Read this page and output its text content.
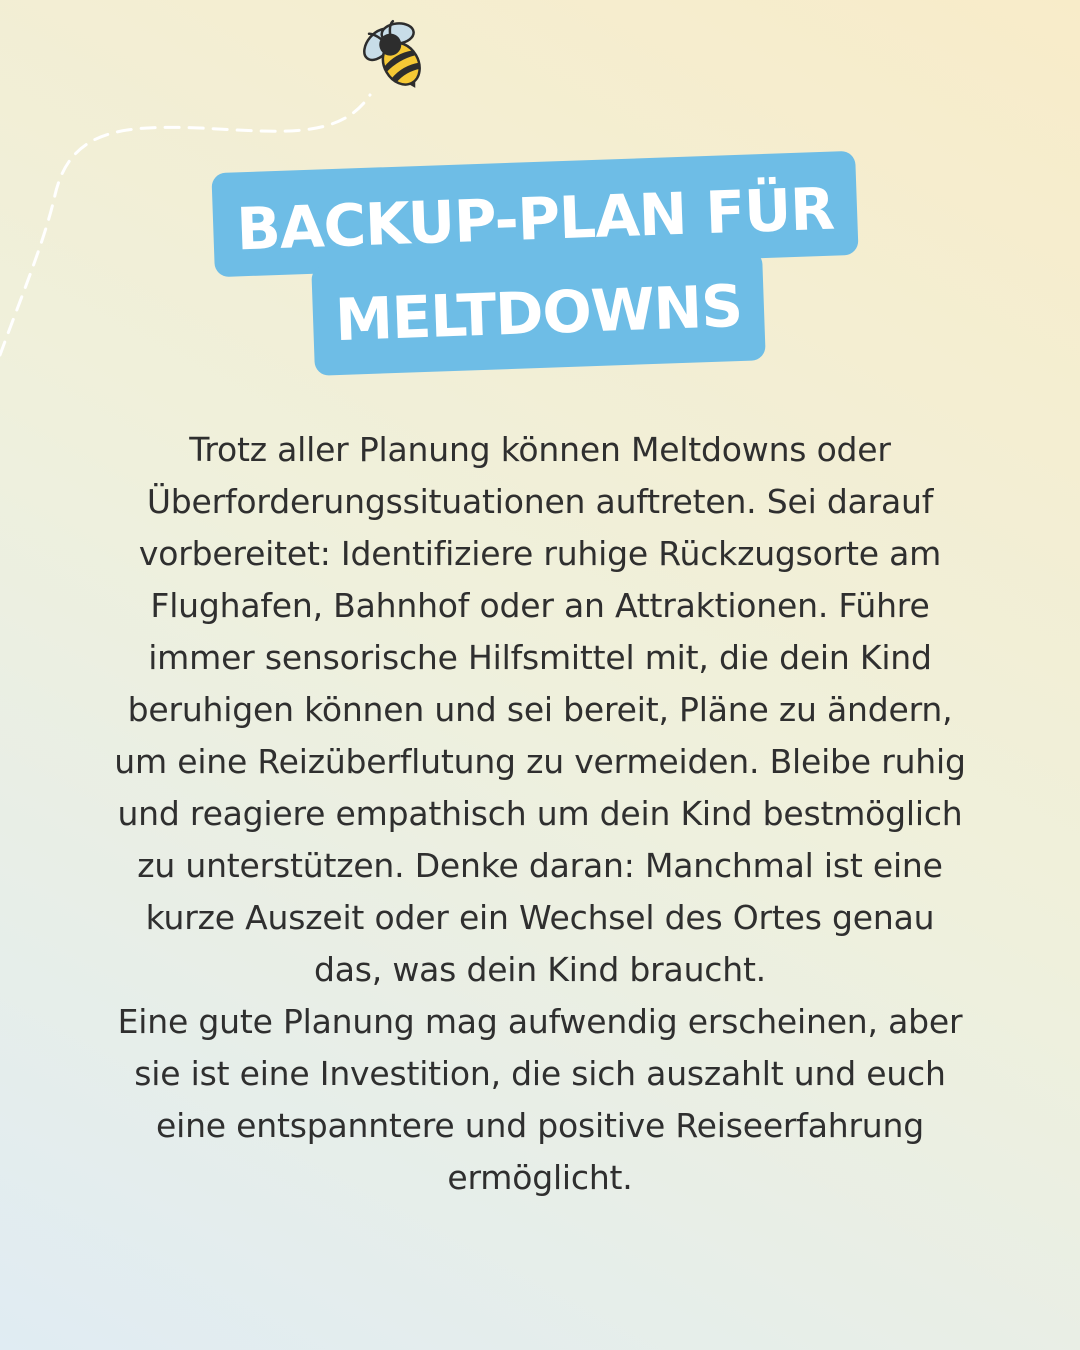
BACKUP-PLAN FÜR
MELTDOWNS

Trotz aller Planung können Meltdowns oder
Überforderungssituationen auftreten. Sei darauf
vorbereitet: Identifiziere ruhige Rückzugsorte am
Flughafen, Bahnhof oder an Attraktionen. Führe
immer sensorische Hilfsmittel mit, die dein Kind
beruhigen können und sei bereit, Pläne zu ändern,
um eine Reizüberflutung zu vermeiden. Bleibe ruhig
und reagiere empathisch um dein Kind bestmöglich
zu unterstützen. Denke daran: Manchmal ist eine
kurze Auszeit oder ein Wechsel des Ortes genau
das, was dein Kind braucht.
Eine gute Planung mag aufwendig erscheinen, aber
sie ist eine Investition, die sich auszahlt und euch
eine entspanntere und positive Reiseerfahrung
ermöglicht.
